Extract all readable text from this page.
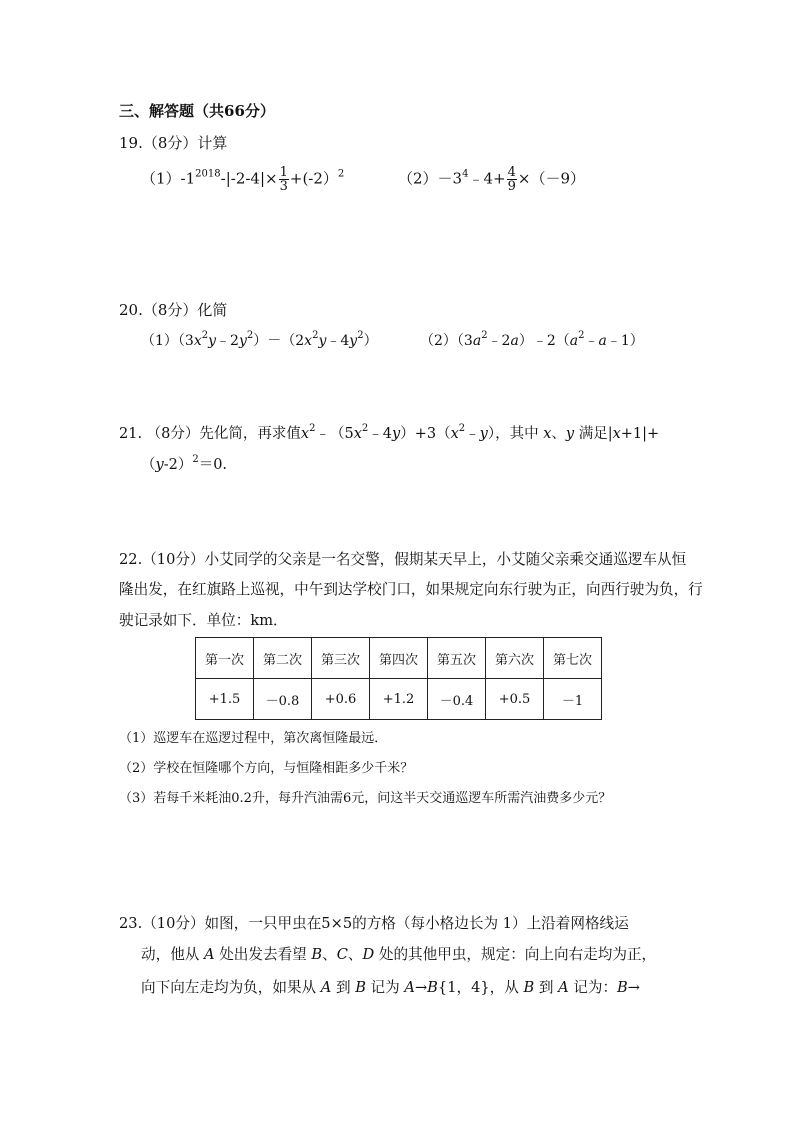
三、解答题（共66分）
19.（8分）计算
$(1)-1^{2018}-|-2-4|\times \frac{1}{3} +(-2)^2$	$(2)-3^4﹣4+ \frac{4}{9} \times(-9)$
20.（8分）化简
$(1)(3x^2y﹣2y^2)-(2x^2y﹣4y^2)$	$(2)(3a^2﹣2a)﹣2(a^2﹣a﹣1)$
21. （8分）先化简，再求值$x^2﹣(5x^2﹣4y)+3(x^2﹣y)$，其中 x、y 满足|x+1|+
$(y-2)^2=0$.
22.（10分）小艾同学的父亲是一名交警，假期某天早上，小艾随父亲乘交通巡逻车从恒
隆出发，在红旗路上巡视，中午到达学校门口，如果规定向东行驶为正，向西行驶为负，行
驶记录如下．单位：km．
第一次	第二次	第三次	第四次	第五次	第六次	第七次
+1.5	－0.8	+0.6	+1.2	－0.4	+0.5	－1
（1）巡逻车在巡逻过程中，第次离恒隆最远．
（2）学校在恒隆哪个方向，与恒隆相距多少千米？
（3）若每千米耗油0.2升，每升汽油需6元，问这半天交通巡逻车所需汽油费多少元？
23.（10分）如图，一只甲虫在5×5的方格（每小格边长为 1）上沿着网格线运
动，他从 A 处出发去看望 B、C、D 处的其他甲虫，规定：向上向右走均为正，
向下向左走均为负，如果从 A 到 B 记为 A→B{1，4}，从 B 到 A 记为：B→
